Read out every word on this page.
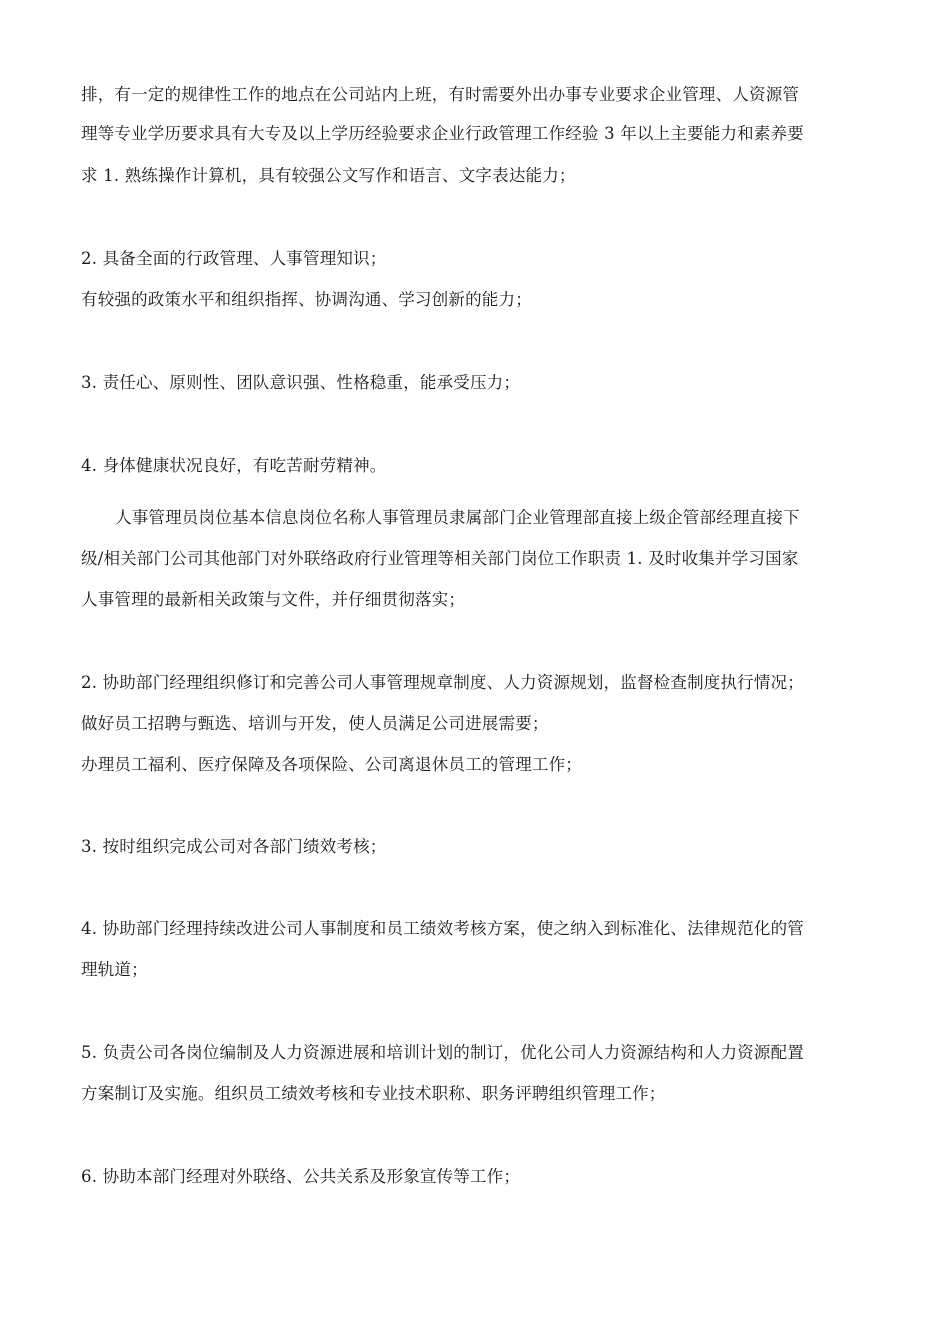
排，有一定的规律性工作的地点在公司站内上班，有时需要外出办事专业要求企业管理、人资源管
理等专业学历要求具有大专及以上学历经验要求企业行政管理工作经验 3 年以上主要能力和素养要
求 1. 熟练操作计算机，具有较强公文写作和语言、文字表达能力；
2. 具备全面的行政管理、人事管理知识；
有较强的政策水平和组织指挥、协调沟通、学习创新的能力；
3. 责任心、原则性、团队意识强、性格稳重，能承受压力；
4. 身体健康状况良好，有吃苦耐劳精神。
人事管理员岗位基本信息岗位名称人事管理员隶属部门企业管理部直接上级企管部经理直接下
级/相关部门公司其他部门对外联络政府行业管理等相关部门岗位工作职责 1. 及时收集并学习国家
人事管理的最新相关政策与文件，并仔细贯彻落实；
2. 协助部门经理组织修订和完善公司人事管理规章制度、人力资源规划，监督检查制度执行情况；
做好员工招聘与甄选、培训与开发，使人员满足公司进展需要；
办理员工福利、医疗保障及各项保险、公司离退休员工的管理工作；
3. 按时组织完成公司对各部门绩效考核；
4. 协助部门经理持续改进公司人事制度和员工绩效考核方案，使之纳入到标准化、法律规范化的管
理轨道；
5. 负责公司各岗位编制及人力资源进展和培训计划的制订，优化公司人力资源结构和人力资源配置
方案制订及实施。组织员工绩效考核和专业技术职称、职务评聘组织管理工作；
6. 协助本部门经理对外联络、公共关系及形象宣传等工作；
